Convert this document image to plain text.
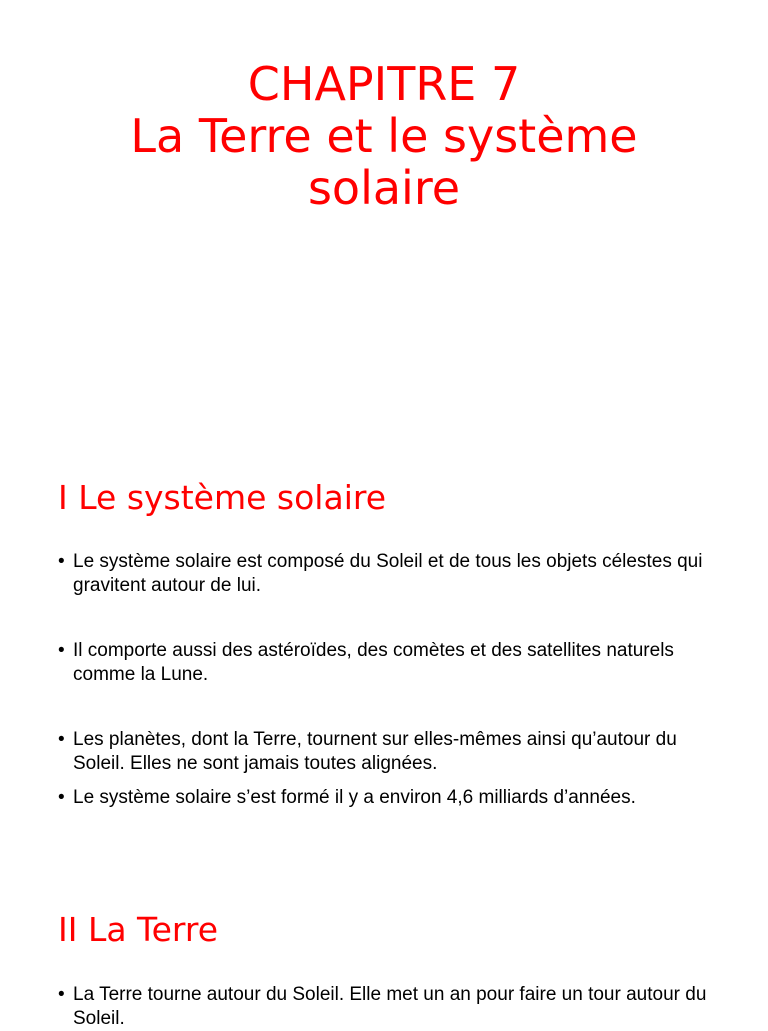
CHAPITRE 7
La Terre et le système
solaire
I Le système solaire
• Le système solaire est composé du Soleil et de tous les objets célestes qui gravitent autour de lui.
• Il comporte aussi des astéroïdes, des comètes et des satellites naturels comme la Lune.
• Les planètes, dont la Terre, tournent sur elles-mêmes ainsi qu’autour du Soleil. Elles ne sont jamais toutes alignées.
• Le système solaire s’est formé il y a environ 4,6 milliards d’années.
II La Terre
• La Terre tourne autour du Soleil. Elle met un an pour faire un tour autour du Soleil.
